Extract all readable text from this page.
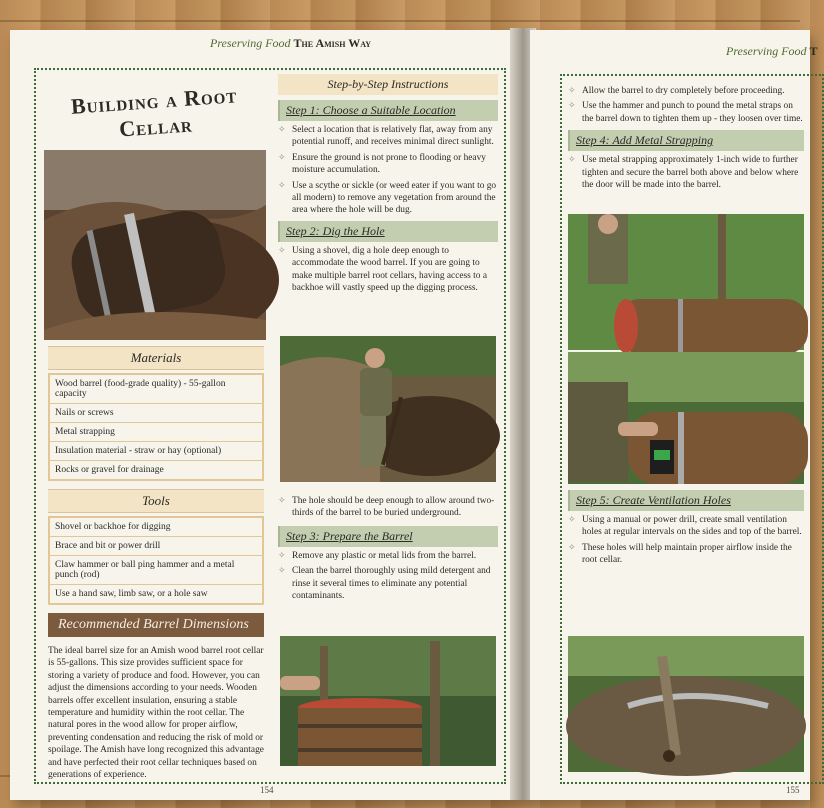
Preserving Food The Amish Way
Building a Root Cellar
Materials
Wood barrel (food-grade quality) - 55-gallon capacity
Nails or screws
Metal strapping
Insulation material - straw or hay (optional)
Rocks or gravel for drainage
Tools
Shovel or backhoe for digging
Brace and bit or power drill
Claw hammer or ball ping hammer and a metal punch (rod)
Use a hand saw, limb saw, or a hole saw
Recommended Barrel Dimensions

The ideal barrel size for an Amish wood barrel root cellar is 55-gallons. This size provides sufficient space for storing a variety of produce and food. However, you can adjust the dimensions according to your needs. Wooden barrels offer excellent insulation, ensuring a stable temperature and humidity within the root cellar. The natural pores in the wood allow for proper airflow, preventing condensation and reducing the risk of mold or spoilage. The Amish have long recognized this advantage and have perfected their root cellar techniques based on generations of experience.

Step-by-Step Instructions
Step 1: Choose a Suitable Location
✧ Select a location that is relatively flat, away from any potential runoff, and receives minimal direct sunlight.
✧ Ensure the ground is not prone to flooding or heavy moisture accumulation.
✧ Use a scythe or sickle (or weed eater if you want to go all modern) to remove any vegetation from around the area where the hole will be dug.
Step 2: Dig the Hole
✧ Using a shovel, dig a hole deep enough to accommodate the wood barrel. If you are going to make multiple barrel root cellars, having access to a backhoe will vastly speed up the digging process.
✧ The hole should be deep enough to allow around two-thirds of the barrel to be buried underground.
Step 3: Prepare the Barrel
✧ Remove any plastic or metal lids from the barrel.
✧ Clean the barrel thoroughly using mild detergent and rinse it several times to eliminate any potential contaminants.
154
Preserving Food T
✧ Allow the barrel to dry completely before proceeding.
✧ Use the hammer and punch to pound the metal straps on the barrel down to tighten them up - they loosen over time.
Step 4: Add Metal Strapping
✧ Use metal strapping approximately 1-inch wide to further tighten and secure the barrel both above and below where the door will be made into the barrel.
Step 5: Create Ventilation Holes
✧ Using a manual or power drill, create small ventilation holes at regular intervals on the sides and top of the barrel.
✧ These holes will help maintain proper airflow inside the root cellar.
155
